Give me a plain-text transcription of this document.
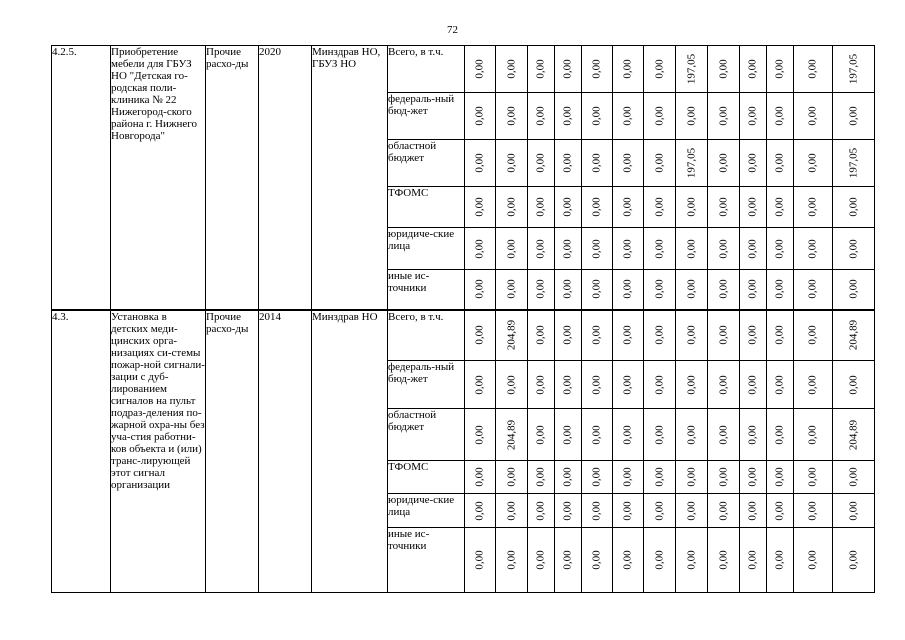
72
4.2.5.	Приобретение мебели для ГБУЗ НО "Детская го-родская поли-клиника № 22 Нижегород-ского района г. Нижнего Новгорода"	Прочие расхо-ды	2020	Минздрав НО, ГБУЗ НО	Всего, в т.ч.	0,00	0,00	0,00	0,00	0,00	0,00	0,00	197,05	0,00	0,00	0,00	0,00	197,05

					федераль-ный бюд-жет	0,00	0,00	0,00	0,00	0,00	0,00	0,00	0,00	0,00	0,00	0,00	0,00	0,00

					областной бюджет	0,00	0,00	0,00	0,00	0,00	0,00	0,00	197,05	0,00	0,00	0,00	0,00	197,05

					ТФОМС	0,00	0,00	0,00	0,00	0,00	0,00	0,00	0,00	0,00	0,00	0,00	0,00	0,00

					юридиче-ские лица	0,00	0,00	0,00	0,00	0,00	0,00	0,00	0,00	0,00	0,00	0,00	0,00	0,00

					иные ис-точники	0,00	0,00	0,00	0,00	0,00	0,00	0,00	0,00	0,00	0,00	0,00	0,00	0,00

4.3.	Установка в детских меди-цинских орга-низациях си-стемы пожар-ной сигнали-зации с дуб-лированием сигналов на пульт подраз-деления по-жарной охра-ны без уча-стия работни-ков объекта и (или) транс-лирующей этот сигнал организации	Прочие расхо-ды	2014	Минздрав НО	Всего, в т.ч.	0,00	204,89	0,00	0,00	0,00	0,00	0,00	0,00	0,00	0,00	0,00	0,00	204,89

					федераль-ный бюд-жет	0,00	0,00	0,00	0,00	0,00	0,00	0,00	0,00	0,00	0,00	0,00	0,00	0,00

					областной бюджет	0,00	204,89	0,00	0,00	0,00	0,00	0,00	0,00	0,00	0,00	0,00	0,00	204,89

					ТФОМС	0,00	0,00	0,00	0,00	0,00	0,00	0,00	0,00	0,00	0,00	0,00	0,00	0,00

					юридиче-ские лица	0,00	0,00	0,00	0,00	0,00	0,00	0,00	0,00	0,00	0,00	0,00	0,00	0,00

					иные ис-точники	0,00	0,00	0,00	0,00	0,00	0,00	0,00	0,00	0,00	0,00	0,00	0,00	0,00
